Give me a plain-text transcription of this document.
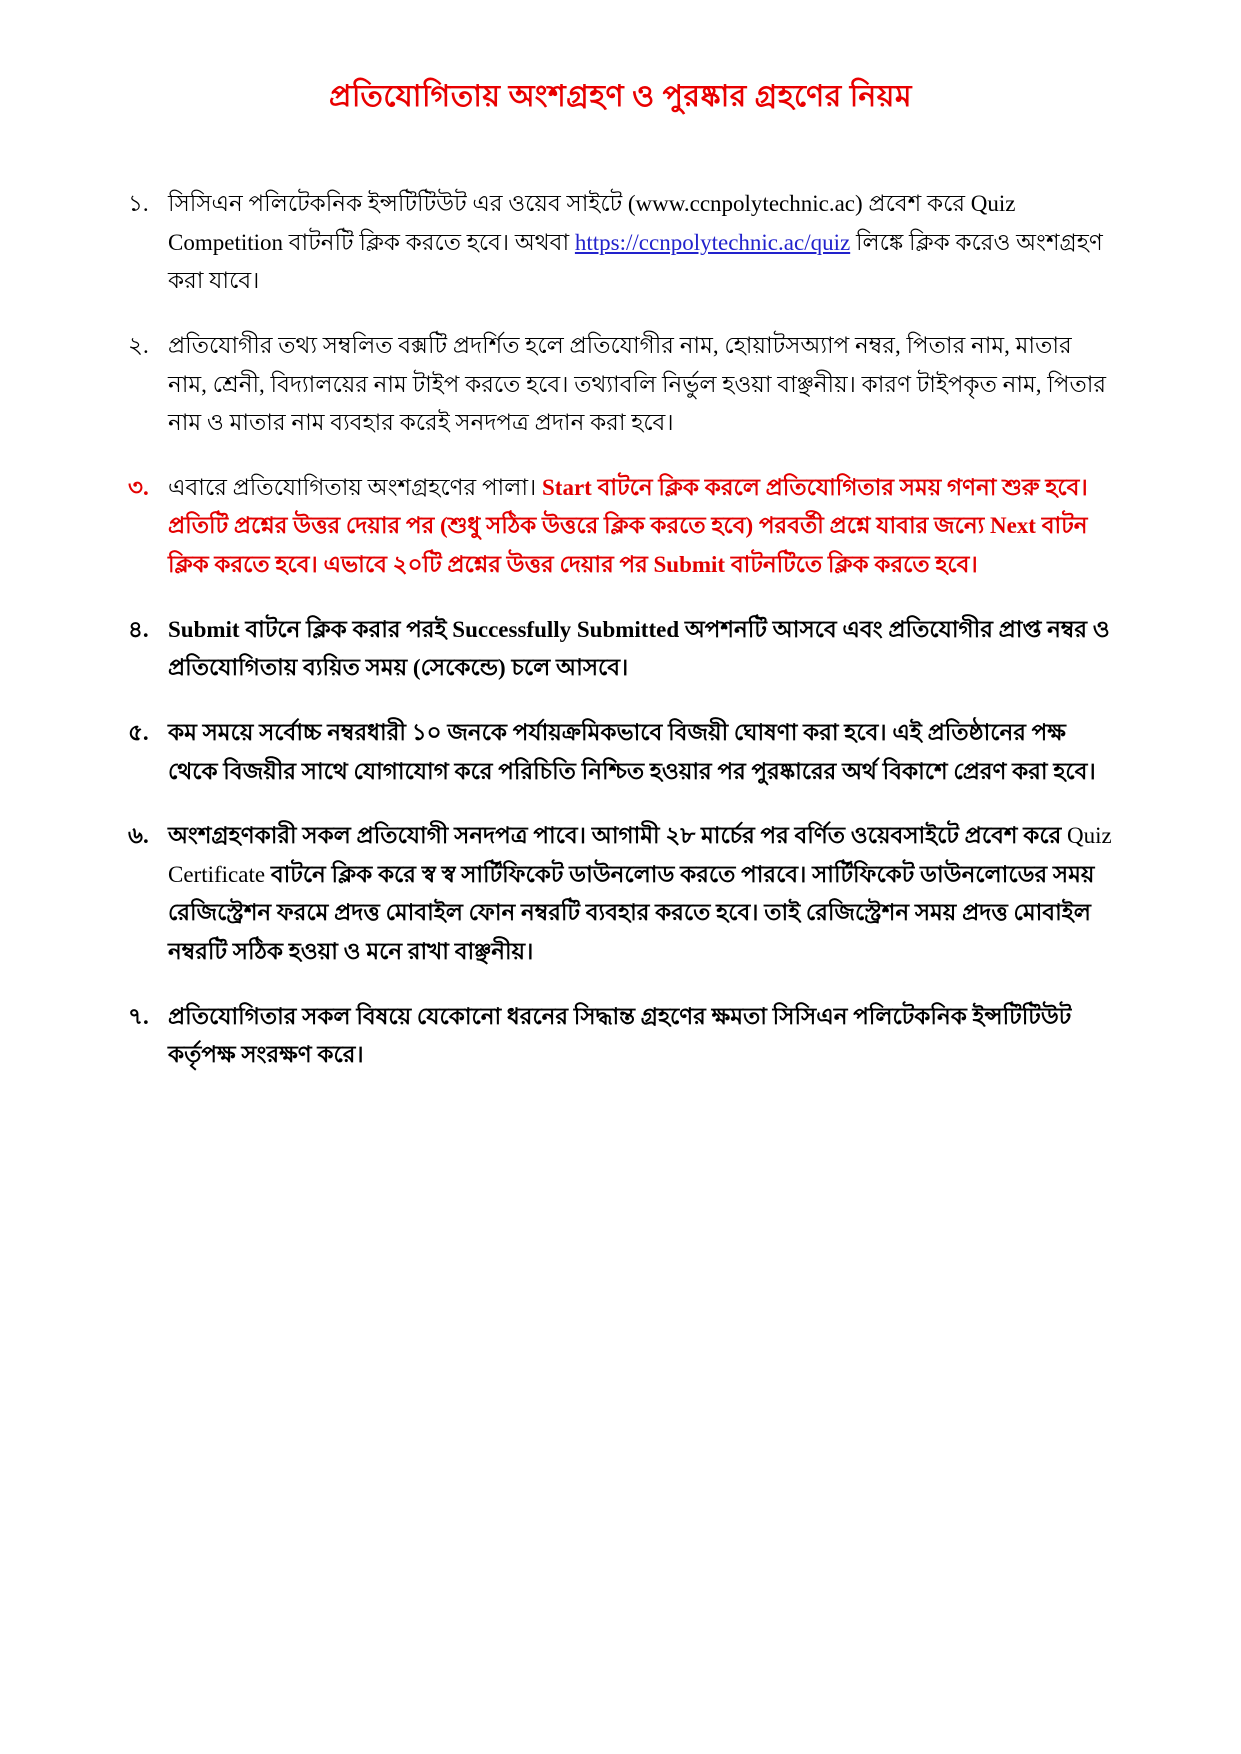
প্রতিযোগিতায় অংশগ্রহণ ও পুরষ্কার গ্রহণের নিয়ম
১. সিসিএন পলিটেকনিক ইন্সটিটিউট এর ওয়েব সাইটে (www.ccnpolytechnic.ac) প্রবেশ করে Quiz Competition বাটনটি ক্লিক করতে হবে। অথবা https://ccnpolytechnic.ac/quiz লিঙ্কে ক্লিক করেও অংশগ্রহণ করা যাবে।
২. প্রতিযোগীর তথ্য সম্বলিত বক্সটি প্রদর্শিত হলে প্রতিযোগীর নাম, হোয়াটসঅ্যাপ নম্বর, পিতার নাম, মাতার নাম, শ্রেনী, বিদ্যালয়ের নাম টাইপ করতে হবে। তথ্যাবলি নির্ভুল হওয়া বাঞ্ছনীয়। কারণ টাইপকৃত নাম, পিতার নাম ও মাতার নাম ব্যবহার করেই সনদপত্র প্রদান করা হবে।
৩. এবারে প্রতিযোগিতায় অংশগ্রহণের পালা। Start বাটনে ক্লিক করলে প্রতিযোগিতার সময় গণনা শুরু হবে। প্রতিটি প্রশ্নের উত্তর দেয়ার পর (শুধু সঠিক উত্তরে ক্লিক করতে হবে) পরবর্তী প্রশ্নে যাবার জন্যে Next বাটন ক্লিক করতে হবে। এভাবে ২০টি প্রশ্নের উত্তর দেয়ার পর Submit বাটনটিতে ক্লিক করতে হবে।
৪. Submit বাটনে ক্লিক করার পরই Successfully Submitted অপশনটি আসবে এবং প্রতিযোগীর প্রাপ্ত নম্বর ও প্রতিযোগিতায় ব্যয়িত সময় (সেকেন্ডে) চলে আসবে।
৫. কম সময়ে সর্বোচ্চ নম্বরধারী ১০ জনকে পর্যায়ক্রমিকভাবে বিজয়ী ঘোষণা করা হবে। এই প্রতিষ্ঠানের পক্ষ থেকে বিজয়ীর সাথে যোগাযোগ করে পরিচিতি নিশ্চিত হওয়ার পর পুরষ্কারের অর্থ বিকাশে প্রেরণ করা হবে।
৬. অংশগ্রহণকারী সকল প্রতিযোগী সনদপত্র পাবে। আগামী ২৮ মার্চের পর বর্ণিত ওয়েবসাইটে প্রবেশ করে Quiz Certificate বাটনে ক্লিক করে স্ব স্ব সার্টিফিকেট ডাউনলোড করতে পারবে। সার্টিফিকেট ডাউনলোডের সময় রেজিস্ট্রেশন ফরমে প্রদত্ত মোবাইল ফোন নম্বরটি ব্যবহার করতে হবে। তাই রেজিস্ট্রেশন সময় প্রদত্ত মোবাইল নম্বরটি সঠিক হওয়া ও মনে রাখা বাঞ্ছনীয়।
৭. প্রতিযোগিতার সকল বিষয়ে যেকোনো ধরনের সিদ্ধান্ত গ্রহণের ক্ষমতা সিসিএন পলিটেকনিক ইন্সটিটিউট কর্তৃপক্ষ সংরক্ষণ করে।
